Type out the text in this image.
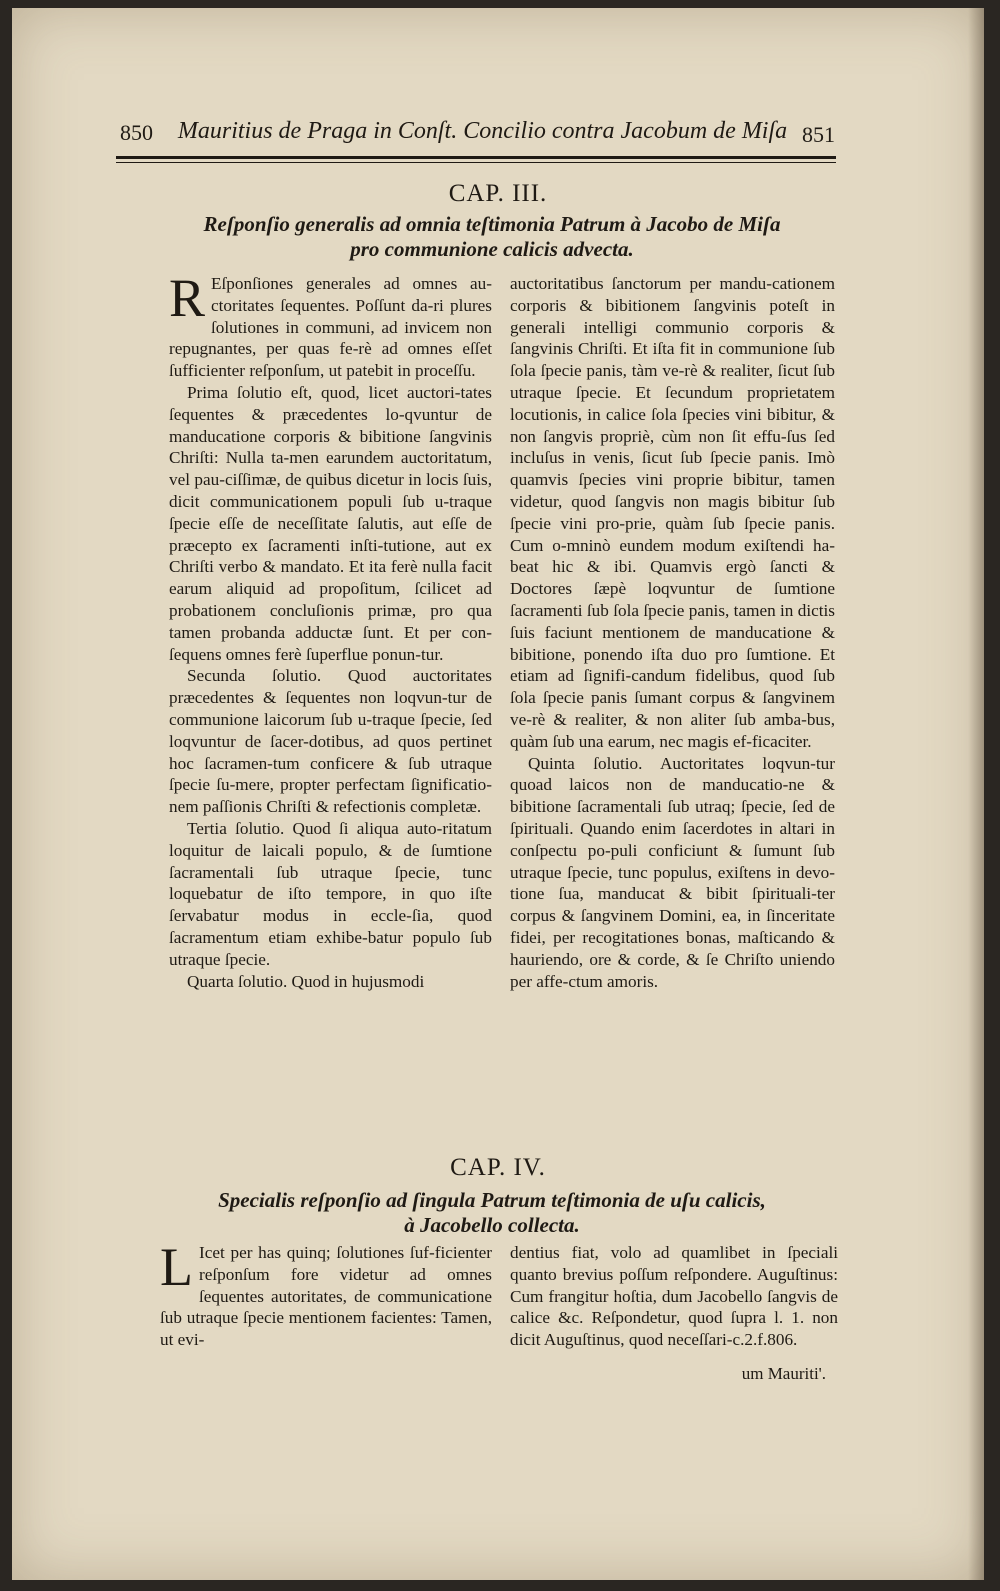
850	Mauritius de Praga in Conſt. Concilio contra Jacobum de Miſa 851
CAP. III.
Reſponſio generalis ad omnia teſtimonia Patrum à Jacobo de Miſa
pro communione calicis advecta.

R Eſponſiones generales ad omnes au-ctoritates ſequentes. Poſſunt da-ri plures ſolutiones in communi, ad invicem non repugnantes, per quas fe-rè ad omnes eſſet ſufficienter reſponſum, ut patebit in proceſſu.

Prima ſolutio eſt, quod, licet auctori-tates ſequentes & præcedentes lo-qvuntur de manducatione corporis & bibitione ſangvinis Chriſti: Nulla ta-men earundem auctoritatum, vel pau-ciſſimæ, de quibus dicetur in locis ſuis, dicit communicationem populi ſub u-traque ſpecie eſſe de neceſſitate ſalutis, aut eſſe de præcepto ex ſacramenti inſti-tutione, aut ex Chriſti verbo & mandato. Et ita ferè nulla facit earum aliquid ad propoſitum, ſcilicet ad probationem concluſionis primæ, pro qua tamen probanda adductæ ſunt. Et per con-ſequens omnes ferè ſuperflue ponun-tur.

Secunda ſolutio. Quod auctoritates præcedentes & ſequentes non loqvun-tur de communione laicorum ſub u-traque ſpecie, ſed loqvuntur de ſacer-dotibus, ad quos pertinet hoc ſacramen-tum conficere & ſub utraque ſpecie ſu-mere, propter perfectam ſignificatio-nem paſſionis Chriſti & refectionis completæ.

Tertia ſolutio. Quod ſi aliqua auto-ritatum loquitur de laicali populo, & de ſumtione ſacramentali ſub utraque ſpecie, tunc loquebatur de iſto tempore, in quo iſte ſervabatur modus in eccle-ſia, quod ſacramentum etiam exhibe-batur populo ſub utraque ſpecie.

Quarta ſolutio. Quod in hujusmodi

auctoritatibus ſanctorum per mandu-cationem corporis & bibitionem ſangvinis poteſt in generali intelligi communio corporis & ſangvinis Chriſti. Et iſta fit in communione ſub ſola ſpecie panis, tàm ve-rè & realiter, ſicut ſub utraque ſpecie. Et ſecundum proprietatem locutionis, in calice ſola ſpecies vini bibitur, & non ſangvis propriè, cùm non ſit effu-ſus ſed incluſus in venis, ſicut ſub ſpecie panis. Imò quamvis ſpecies vini proprie bibitur, tamen videtur, quod ſangvis non magis bibitur ſub ſpecie vini pro-prie, quàm ſub ſpecie panis. Cum o-mninò eundem modum exiſtendi ha-beat hic & ibi. Quamvis ergò ſancti & Doctores ſæpè loqvuntur de ſumtione ſacramenti ſub ſola ſpecie panis, tamen in dictis ſuis faciunt mentionem de manducatione & bibitione, ponendo iſta duo pro ſumtione. Et etiam ad ſignifi-candum fidelibus, quod ſub ſola ſpecie panis ſumant corpus & ſangvinem ve-rè & realiter, & non aliter ſub amba-bus, quàm ſub una earum, nec magis ef-ficaciter.

Quinta ſolutio. Auctoritates loqvun-tur quoad laicos non de manducatio-ne & bibitione ſacramentali ſub utraq; ſpecie, ſed de ſpirituali. Quando enim ſacerdotes in altari in conſpectu po-puli conficiunt & ſumunt ſub utraque ſpecie, tunc populus, exiſtens in devo-tione ſua, manducat & bibit ſpirituali-ter corpus & ſangvinem Domini, ea, in ſinceritate fidei, per recogitationes bonas, maſticando & hauriendo, ore & corde, & ſe Chriſto uniendo per affe-ctum amoris.

CAP. IV.
Specialis reſponſio ad ſingula Patrum teſtimonia de uſu calicis,
à Jacobello collecta.

L Icet per has quinq; ſolutiones ſuf-ficienter reſponſum fore videtur ad omnes ſequentes autoritates, de communicatione ſub utraque ſpecie mentionem facientes: Tamen, ut evi-

dentius fiat, volo ad quamlibet in ſpeciali quanto brevius poſſum reſpondere. Auguſtinus: Cum frangitur hoſtia, dum Jacobello ſangvis de calice &c. Reſpondetur, quod ſupra l. 1. non dicit Auguſtinus, quod neceſſari-c.2.f.806.

um Mauriti'.
